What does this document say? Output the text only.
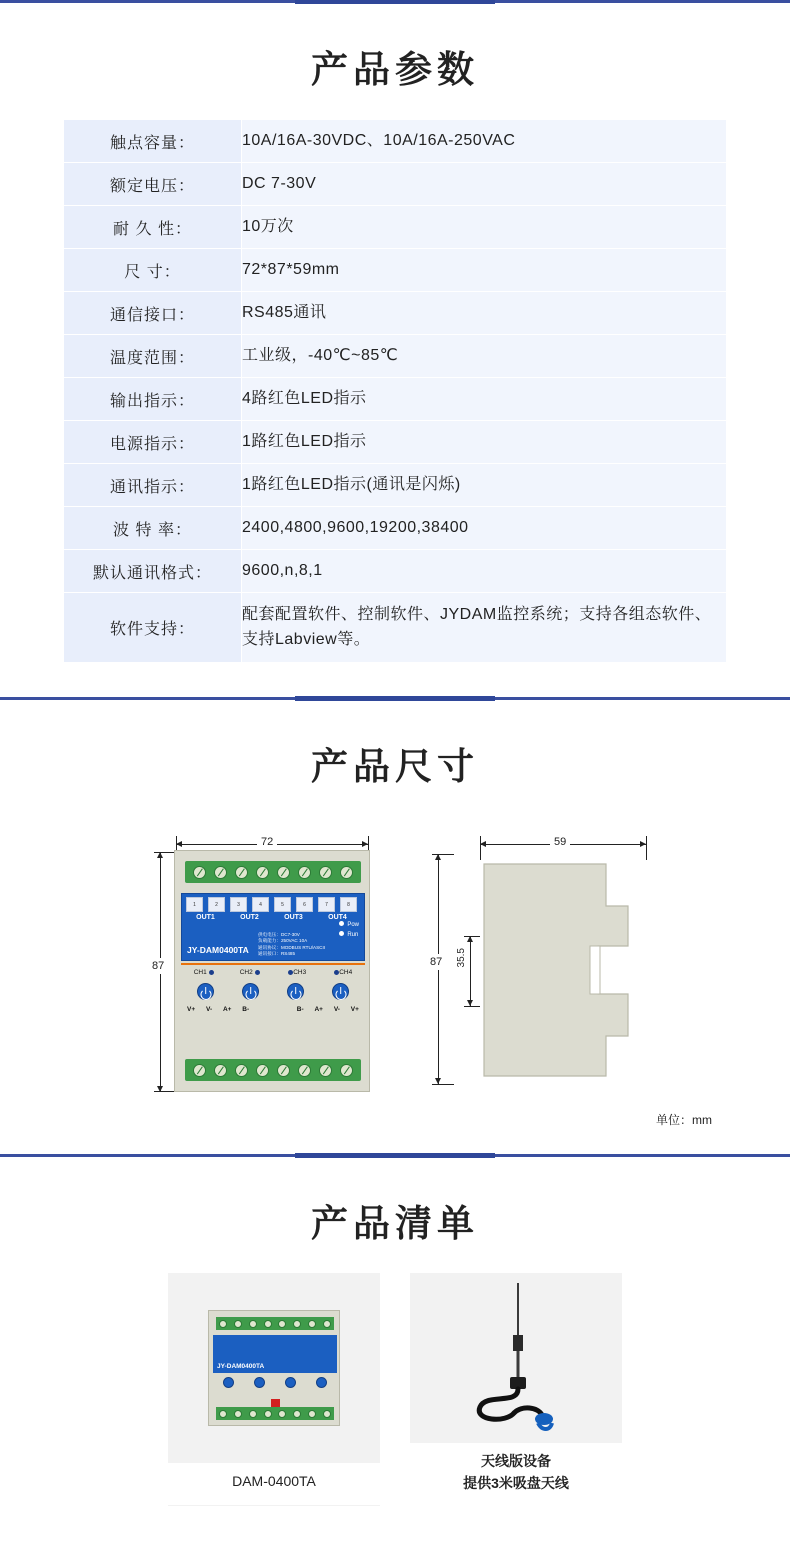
产品参数
触点容量：	10A/16A-30VDC、10A/16A-250VAC
额定电压：	DC 7-30V
耐 久 性：	10万次
尺 寸：	72*87*59mm
通信接口：	RS485通讯
温度范围：	工业级，-40℃~85℃
输出指示：	4路红色LED指示
电源指示：	1路红色LED指示
通讯指示：	1路红色LED指示(通讯是闪烁)
波 特 率：	2400,4800,9600,19200,38400
默认通讯格式：	9600,n,8,1
软件支持：	配套配置软件、控制软件、JYDAM监控系统；支持各组态软件、支持Labview等。
产品尺寸
72
87
1	2	3	4	5	6	7	8
OUT1	OUT2	OUT3	OUT4
JY-DAM0400TA
供电电压：DC7-30V
负载能力：250VAC 10A
通讯协议：MODBUS RTU/ASCII
通讯接口：RS485
Pow
Run
CH1	CH2	CH3	CH4
V+ V- A+ B-	B- A+ V- V+
59
87 35.5
单位：mm
产品清单
JY-DAM0400TA
DAM-0400TA
天线版设备
提供3米吸盘天线
